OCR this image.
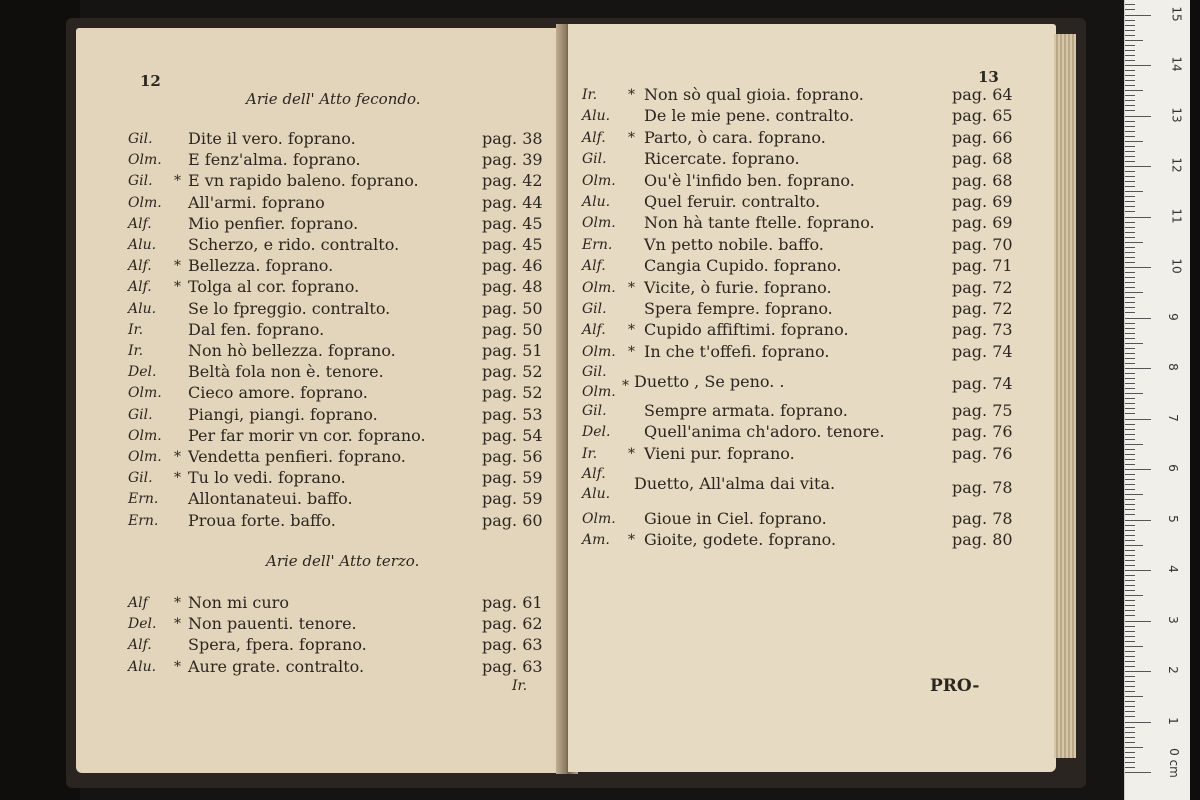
12
Arie dell' Atto fecondo.
Gil. Dite il vero. foprano.	pag. 38
Olm. E fenz'alma. foprano.	pag. 39
Gil. * E vn rapido baleno. foprano.	pag. 42
Olm. All'armi. foprano	pag. 44
Alf. Mio penfier. foprano.	pag. 45
Alu. Scherzo, e rido. contralto.	pag. 45
Alf. * Bellezza. foprano.	pag. 46
Alf. * Tolga al cor. foprano.	pag. 48
Alu. Se lo fpreggio. contralto.	pag. 50
Ir.	Dal fen. foprano.	pag. 50
Ir.	Non hò bellezza. foprano.	pag. 51
Del. Beltà fola non è. tenore.	pag. 52
Olm. Cieco amore. foprano.	pag. 52
Gil. Piangi, piangi. foprano.	pag. 53
Olm. Per far morir vn cor. foprano.	pag. 54
Olm. * Vendetta penfieri. foprano.	pag. 56
Gil. * Tu lo vedi. foprano.	pag. 59
Ern. Allontanateui. baffo.	pag. 59
Ern. Proua forte. baffo.	pag. 60
Arie dell' Atto terzo.
Alf * Non mi curo	pag. 61
Del. * Non pauenti. tenore.	pag. 62
Alf. Spera, fpera. foprano.	pag. 63
Alu. * Aure grate. contralto.	pag. 63
Ir.
13
Ir. * Non sò qual gioia. foprano.	pag. 64
Alu. De le mie pene. contralto.	pag. 65
Alf. * Parto, ò cara. foprano.	pag. 66
Gil. Ricercate. foprano.	pag. 68
Olm. Ou'è l'infido ben. foprano.	pag. 68
Alu. Quel feruir. contralto.	pag. 69
Olm. Non hà tante ftelle. foprano.	pag. 69
Ern. Vn petto nobile. baffo.	pag. 70
Alf. Cangia Cupido. foprano.	pag. 71
Olm. * Vicite, ò furie. foprano.	pag. 72
Gil. Spera fempre. foprano.	pag. 72
Alf. * Cupido affiftimi. foprano.	pag. 73
Olm. * In che t'offefi. foprano.	pag. 74
Gil.
Olm. * Duetto , Se peno. .	pag. 74
Gil. Sempre armata. foprano.	pag. 75
Del. Quell'anima ch'adoro. tenore.	pag. 76
Ir. * Vieni pur. foprano.	pag. 76
Alf.
Alu.
Duetto, All'alma dai vita.	pag. 78
Olm. Gioue in Ciel. foprano.	pag. 78
Am. * Gioite, godete. foprano.	pag. 80
PRO-
0 cm
1
2
3
4
5
6
7
8
9
10
11
12
13
14
15
